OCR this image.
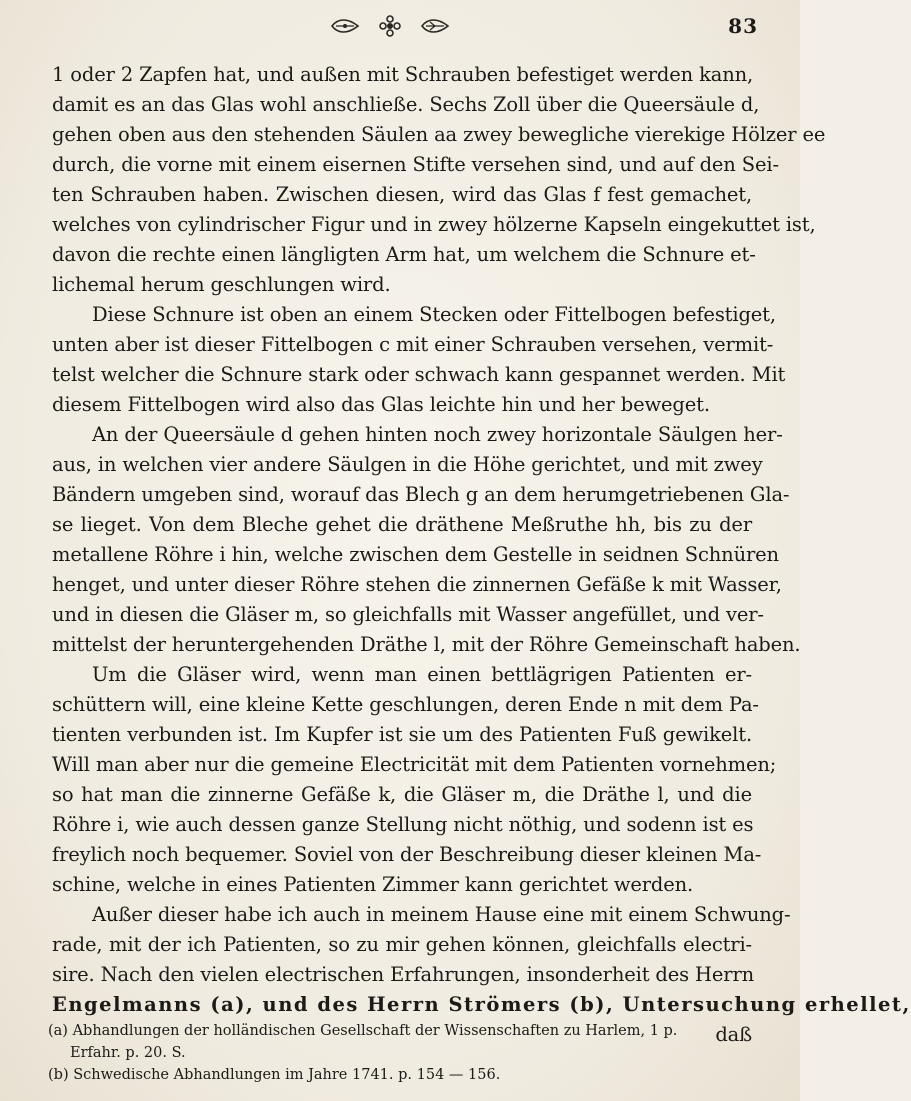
83
1 oder 2 Zapfen hat, und außen mit Schrauben befestiget werden kann,
damit es an das Glas wohl anschließe. Sechs Zoll über die Queersäule d,
gehen oben aus den stehenden Säulen aa zwey bewegliche vierekige Hölzer ee
durch, die vorne mit einem eisernen Stifte versehen sind, und auf den Sei-
ten Schrauben haben. Zwischen diesen, wird das Glas f fest gemachet,
welches von cylindrischer Figur und in zwey hölzerne Kapseln eingekuttet ist,
davon die rechte einen längligten Arm hat, um welchem die Schnure et-
lichemal herum geschlungen wird.
Diese Schnure ist oben an einem Stecken oder Fittelbogen befestiget,
unten aber ist dieser Fittelbogen c mit einer Schrauben versehen, vermit-
telst welcher die Schnure stark oder schwach kann gespannet werden. Mit
diesem Fittelbogen wird also das Glas leichte hin und her beweget.
An der Queersäule d gehen hinten noch zwey horizontale Säulgen her-
aus, in welchen vier andere Säulgen in die Höhe gerichtet, und mit zwey
Bändern umgeben sind, worauf das Blech g an dem herumgetriebenen Gla-
se lieget. Von dem Bleche gehet die dräthene Meßruthe hh, bis zu der
metallene Röhre i hin, welche zwischen dem Gestelle in seidnen Schnüren
henget, und unter dieser Röhre stehen die zinnernen Gefäße k mit Wasser,
und in diesen die Gläser m, so gleichfalls mit Wasser angefüllet, und ver-
mittelst der heruntergehenden Dräthe l, mit der Röhre Gemeinschaft haben.
Um die Gläser wird, wenn man einen bettlägrigen Patienten er-
schüttern will, eine kleine Kette geschlungen, deren Ende n mit dem Pa-
tienten verbunden ist. Im Kupfer ist sie um des Patienten Fuß gewikelt.
Will man aber nur die gemeine Electricität mit dem Patienten vornehmen;
so hat man die zinnerne Gefäße k, die Gläser m, die Dräthe l, und die
Röhre i, wie auch dessen ganze Stellung nicht nöthig, und sodenn ist es
freylich noch bequemer. Soviel von der Beschreibung dieser kleinen Ma-
schine, welche in eines Patienten Zimmer kann gerichtet werden.
Außer dieser habe ich auch in meinem Hause eine mit einem Schwung-
rade, mit der ich Patienten, so zu mir gehen können, gleichfalls electri-
sire. Nach den vielen electrischen Erfahrungen, insonderheit des Herrn
Engelmanns (a), und des Herrn Strömers (b), Untersuchung erhellet,
daß
(a) Abhandlungen der holländischen Gesellschaft der Wissenschaften zu Harlem, 1 p.
Erfahr. p. 20. S.
(b) Schwedische Abhandlungen im Jahre 1741. p. 154 — 156.
